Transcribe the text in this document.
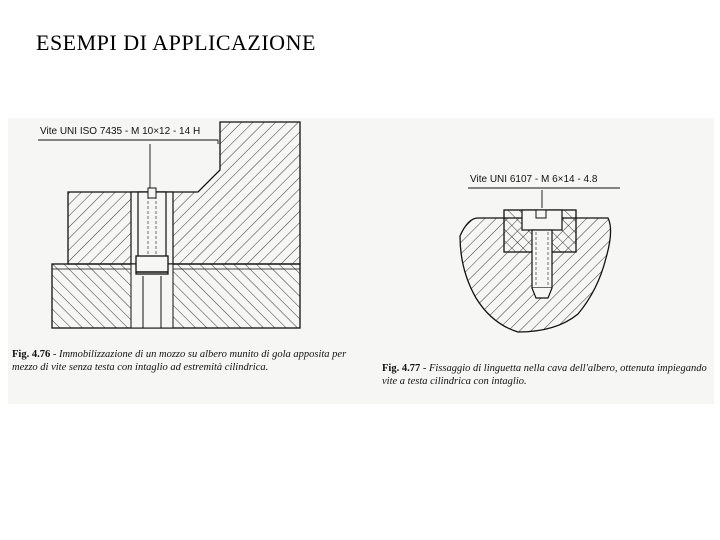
ESEMPI DI APPLICAZIONE
Vite UNI ISO 7435 - M 10×12 - 14 H
Vite UNI 6107 - M 6×14 - 4.8
Fig. 4.76 - Immobilizzazione di un mozzo su albero munito di gola apposita per mezzo di vite senza testa con intaglio ad estremità cilindrica.	Fig. 4.77 - Fissaggio di linguetta nella cava dell'albero, ottenuta impiegando vite a testa cilindrica con intaglio.
